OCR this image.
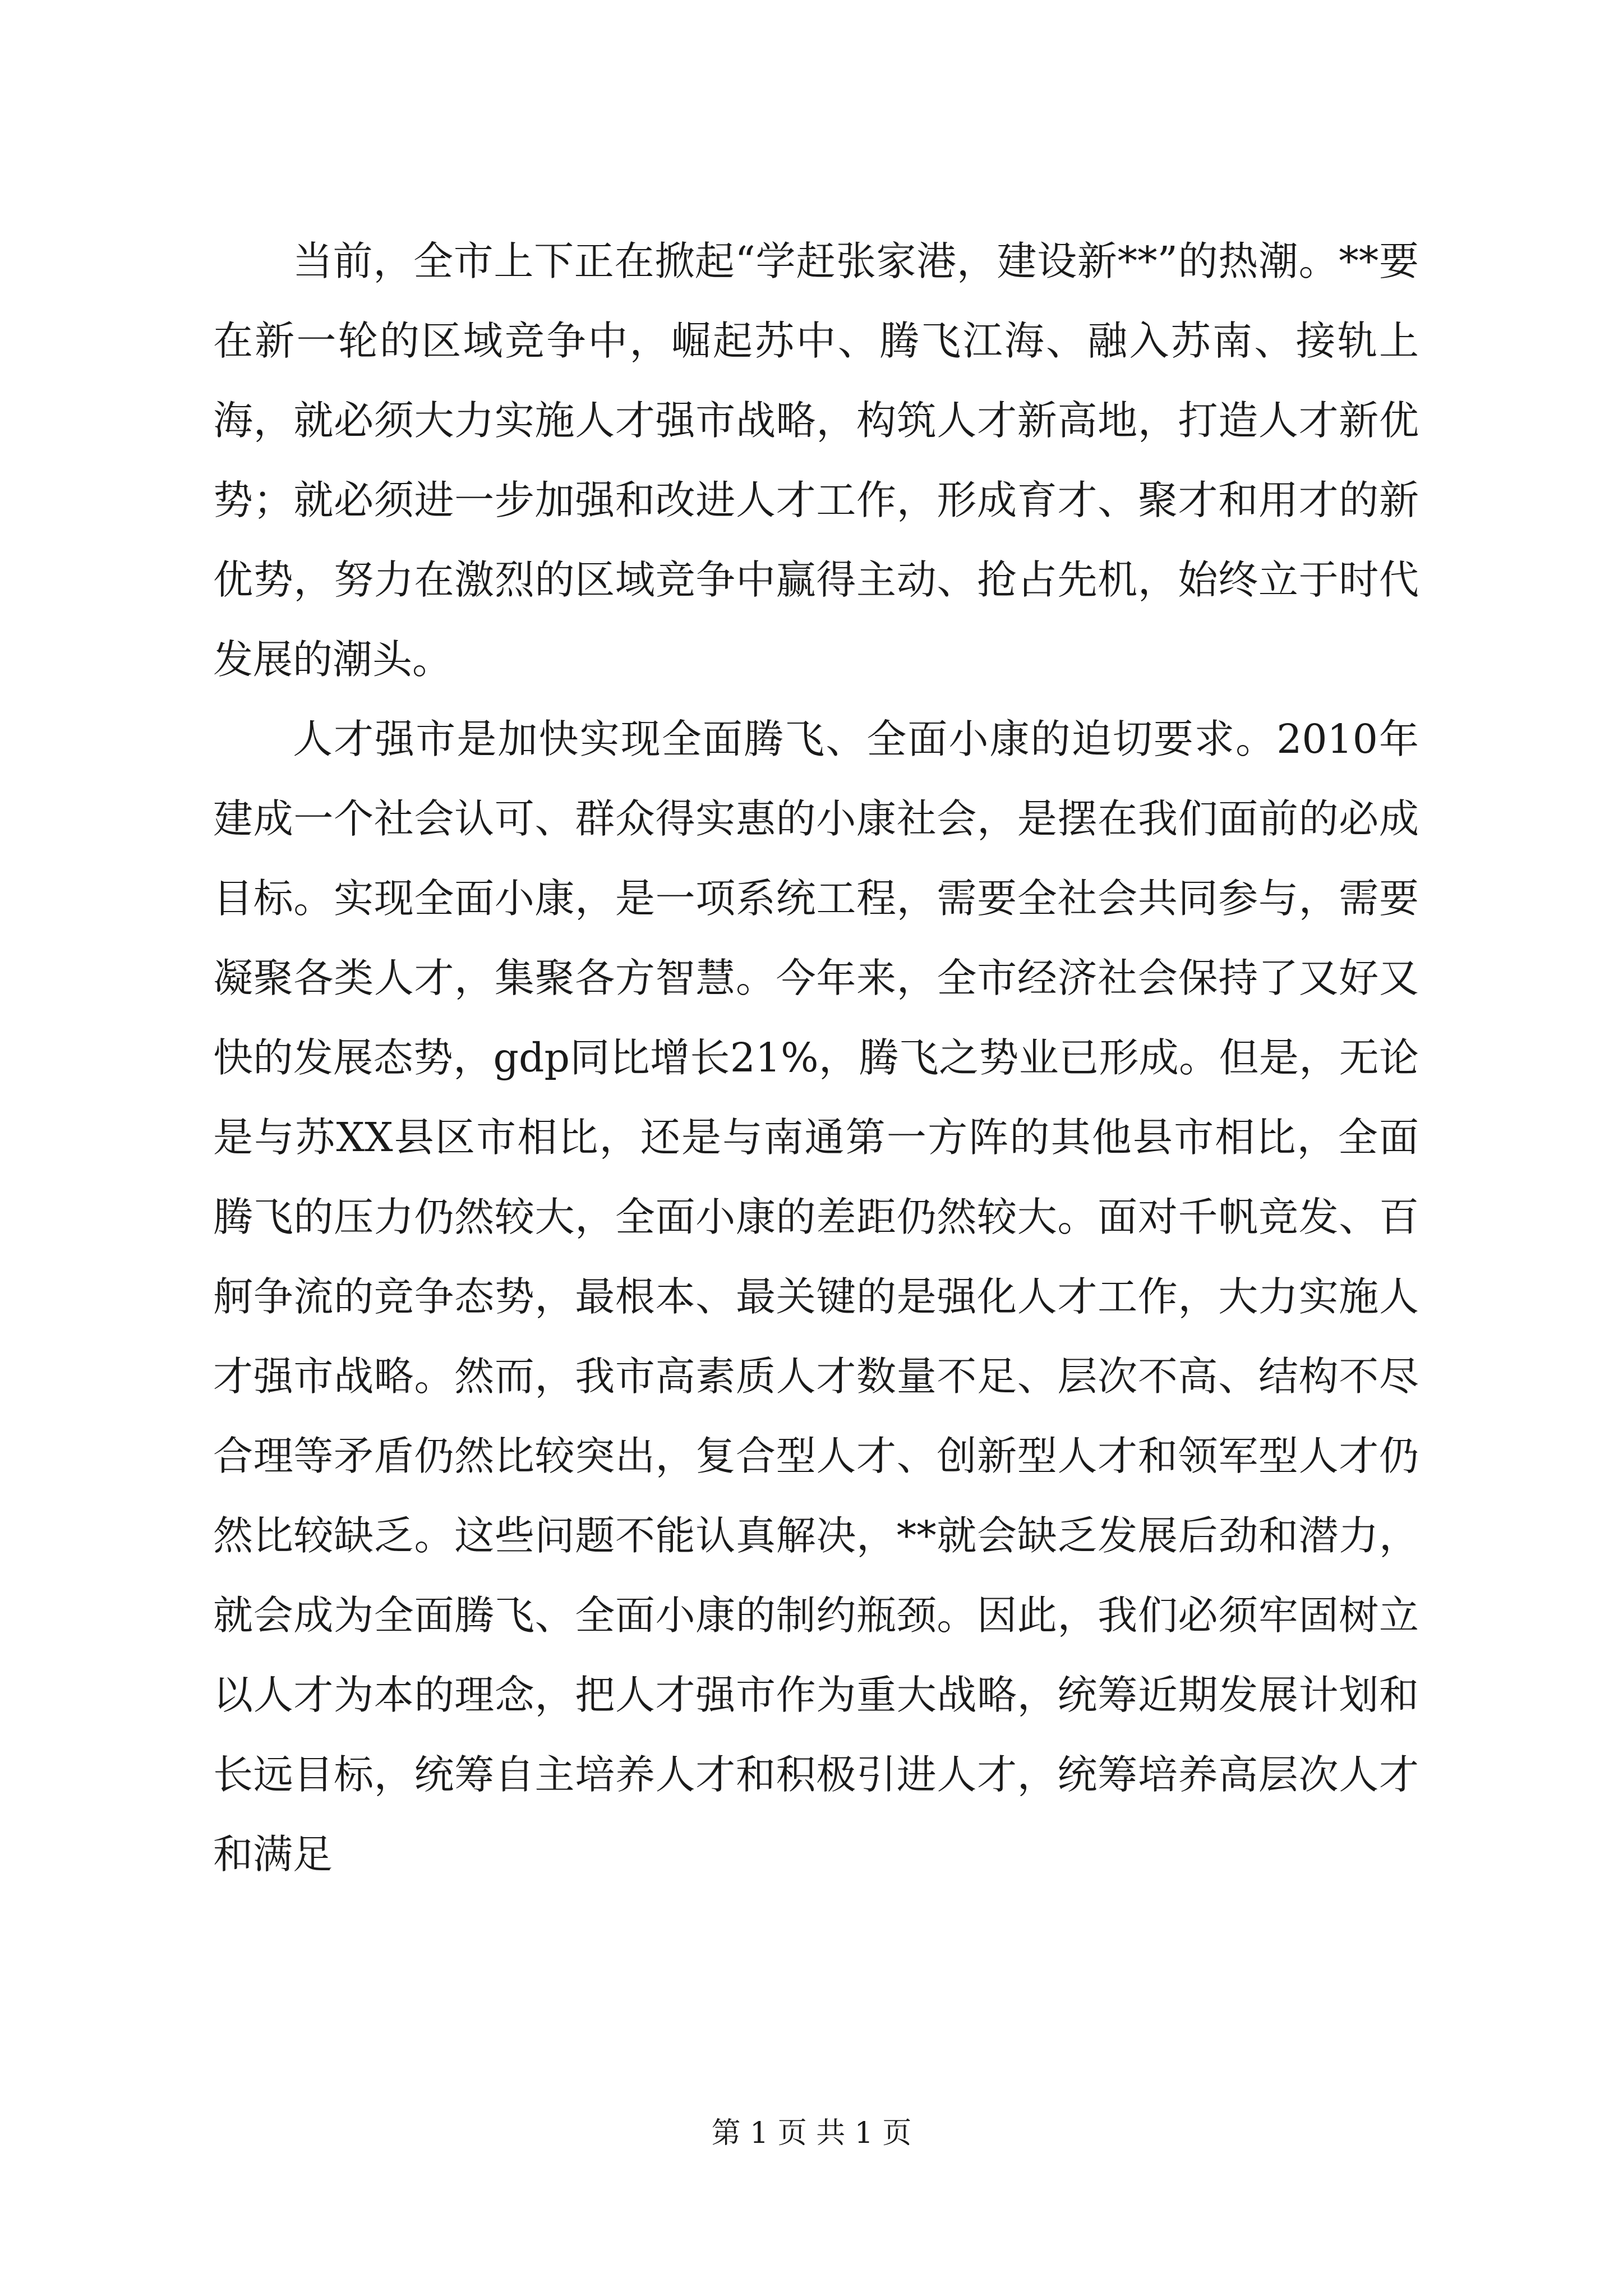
当前，全市上下正在掀起“学赶张家港，建设新**”的热潮。**要在新一轮的区域竞争中，崛起苏中、腾飞江海、融入苏南、接轨上海，就必须大力实施人才强市战略，构筑人才新高地，打造人才新优势；就必须进一步加强和改进人才工作，形成育才、聚才和用才的新优势，努力在激烈的区域竞争中赢得主动、抢占先机，始终立于时代发展的潮头。

人才强市是加快实现全面腾飞、全面小康的迫切要求。2010年建成一个社会认可、群众得实惠的小康社会，是摆在我们面前的必成目标。实现全面小康，是一项系统工程，需要全社会共同参与，需要凝聚各类人才，集聚各方智慧。今年来，全市经济社会保持了又好又快的发展态势，gdp同比增长21%，腾飞之势业已形成。但是，无论是与苏XX县区市相比，还是与南通第一方阵的其他县市相比，全面腾飞的压力仍然较大，全面小康的差距仍然较大。面对千帆竞发、百舸争流的竞争态势，最根本、最关键的是强化人才工作，大力实施人才强市战略。然而，我市高素质人才数量不足、层次不高、结构不尽合理等矛盾仍然比较突出，复合型人才、创新型人才和领军型人才仍然比较缺乏。这些问题不能认真解决，**就会缺乏发展后劲和潜力，就会成为全面腾飞、全面小康的制约瓶颈。因此，我们必须牢固树立以人才为本的理念，把人才强市作为重大战略，统筹近期发展计划和长远目标，统筹自主培养人才和积极引进人才，统筹培养高层次人才和满足

第 1 页 共 1 页
